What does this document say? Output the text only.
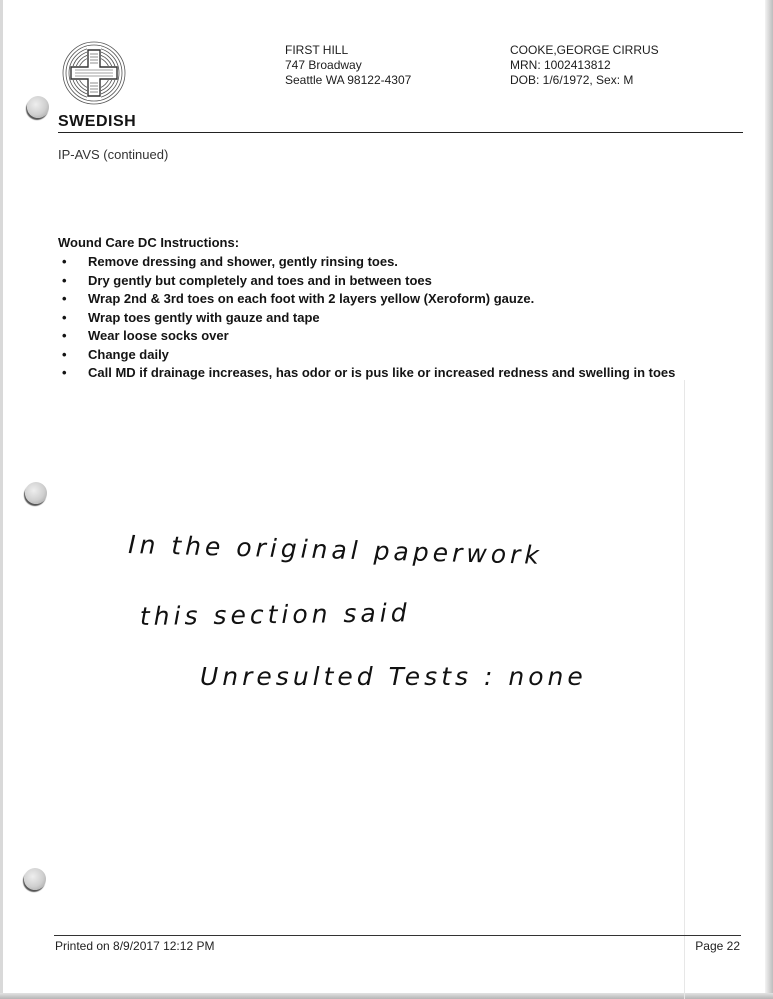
SWEDISH
FIRST HILL
747 Broadway
Seattle WA 98122-4307
COOKE,GEORGE CIRRUS
MRN: 1002413812
DOB: 1/6/1972, Sex: M
IP-AVS (continued)
Wound Care DC Instructions:
• Remove dressing and shower, gently rinsing toes.
• Dry gently but completely and toes and in between toes
• Wrap 2nd & 3rd toes on each foot with 2 layers yellow (Xeroform) gauze.
• Wrap toes gently with gauze and tape
• Wear loose socks over
• Change daily
• Call MD if drainage increases, has odor or is pus like or increased redness and swelling in toes
In the original paperwork
this section said
Unresulted Tests : none
Printed on 8/9/2017 12:12 PM	Page 22
